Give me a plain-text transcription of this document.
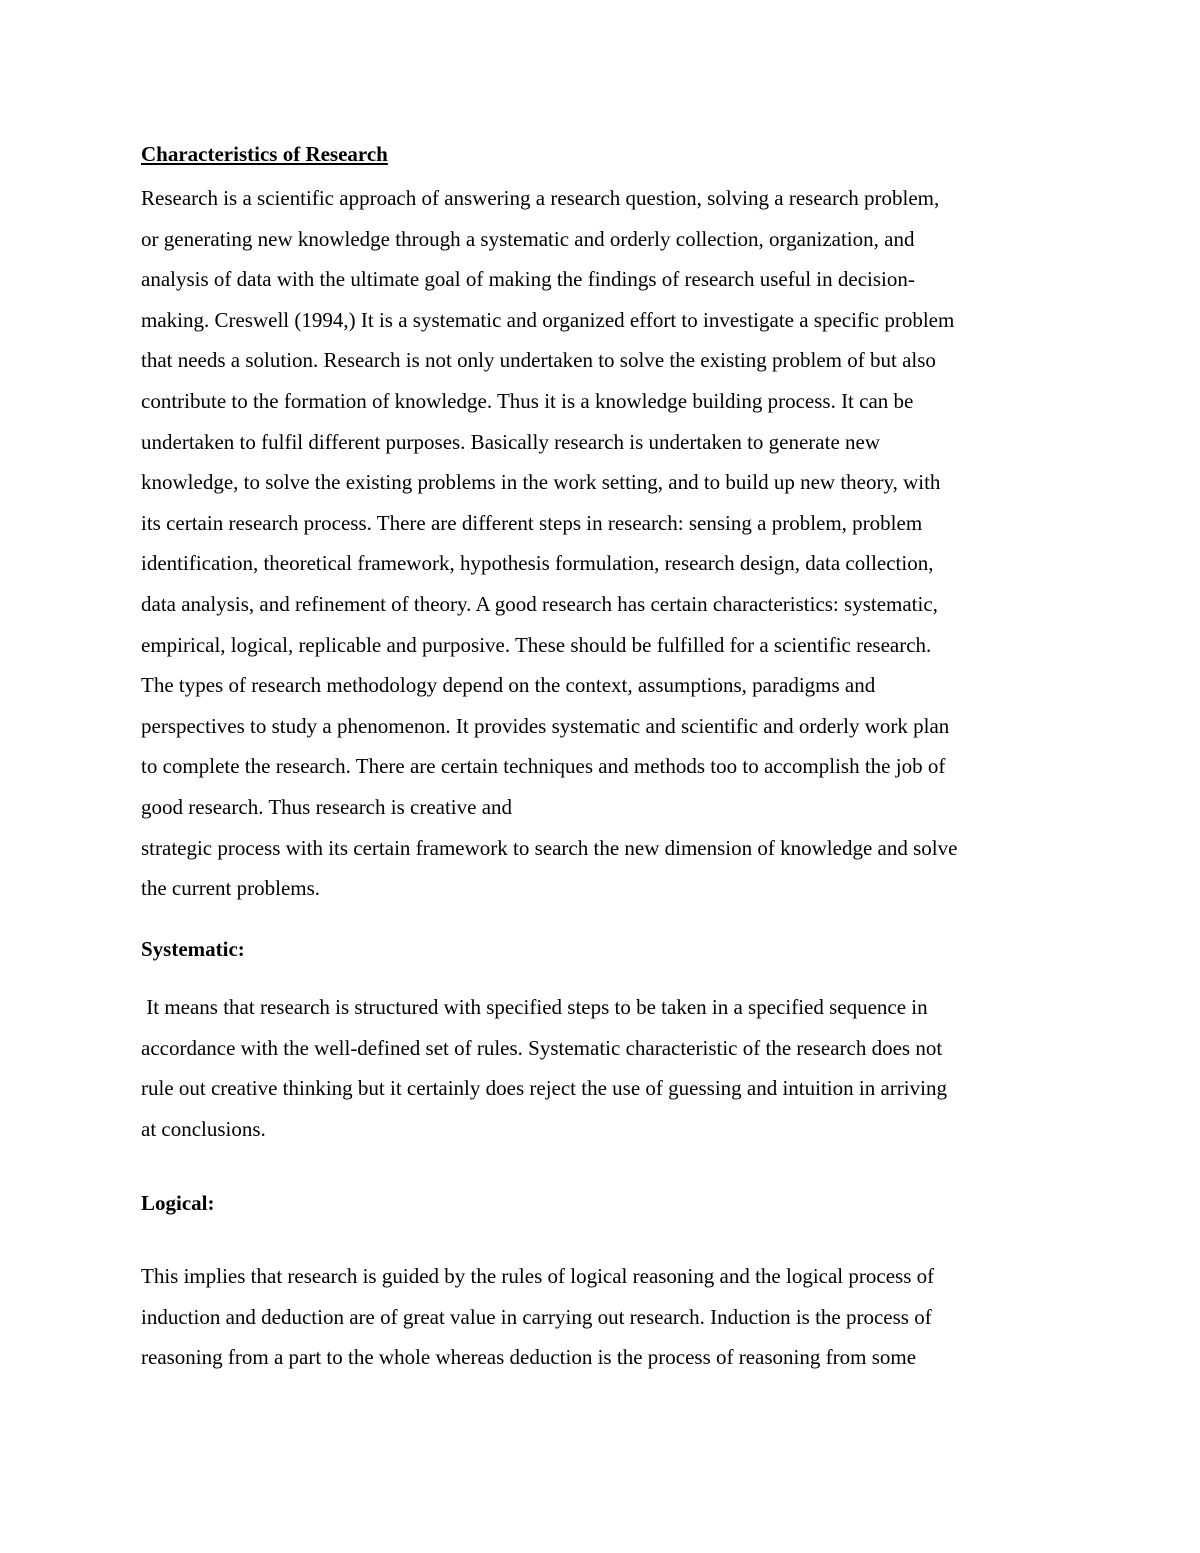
Characteristics of Research

Research is a scientific approach of answering a research question, solving a research problem,
or generating new knowledge through a systematic and orderly collection, organization, and
analysis of data with the ultimate goal of making the findings of research useful in decision-
making. Creswell (1994,) It is a systematic and organized effort to investigate a specific problem
that needs a solution. Research is not only undertaken to solve the existing problem of but also
contribute to the formation of knowledge. Thus it is a knowledge building process. It can be
undertaken to fulfil different purposes. Basically research is undertaken to generate new
knowledge, to solve the existing problems in the work setting, and to build up new theory, with
its certain research process. There are different steps in research: sensing a problem, problem
identification, theoretical framework, hypothesis formulation, research design, data collection,
data analysis, and refinement of theory. A good research has certain characteristics: systematic,
empirical, logical, replicable and purposive. These should be fulfilled for a scientific research.
The types of research methodology depend on the context, assumptions, paradigms and
perspectives to study a phenomenon. It provides systematic and scientific and orderly work plan
to complete the research. There are certain techniques and methods too to accomplish the job of
good research. Thus research is creative and
strategic process with its certain framework to search the new dimension of knowledge and solve
the current problems.

Systematic:

It means that research is structured with specified steps to be taken in a specified sequence in
accordance with the well-defined set of rules. Systematic characteristic of the research does not
rule out creative thinking but it certainly does reject the use of guessing and intuition in arriving
at conclusions.

Logical:

This implies that research is guided by the rules of logical reasoning and the logical process of
induction and deduction are of great value in carrying out research. Induction is the process of
reasoning from a part to the whole whereas deduction is the process of reasoning from some
